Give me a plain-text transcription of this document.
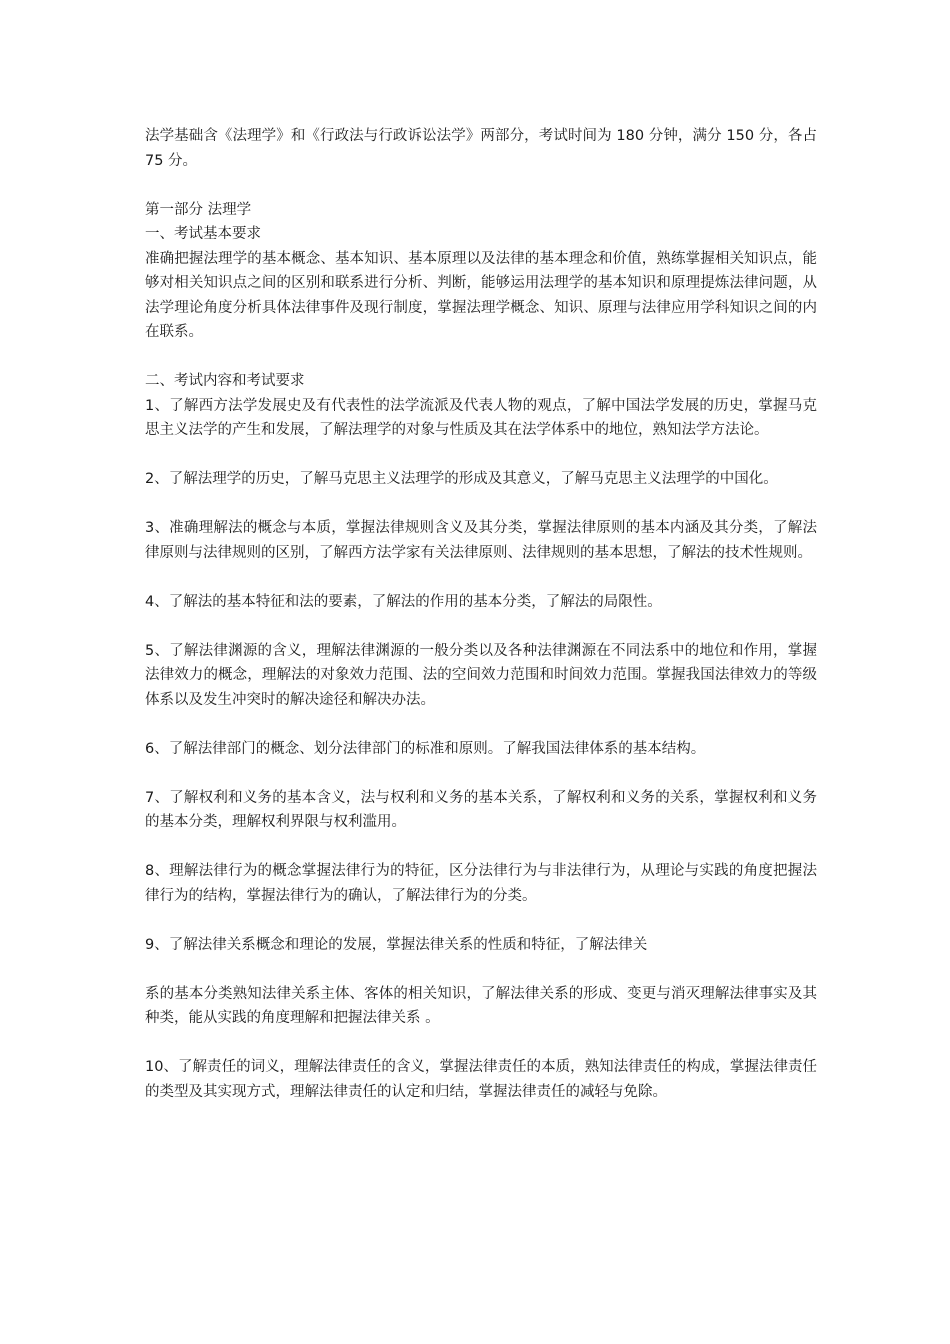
法学基础含《法理学》和《行政法与行政诉讼法学》两部分，考试时间为 180 分钟，满分 150 分，各占 75 分。

第一部分 法理学

一、考试基本要求

准确把握法理学的基本概念、基本知识、基本原理以及法律的基本理念和价值，熟练掌握相关知识点，能够对相关知识点之间的区别和联系进行分析、判断，能够运用法理学的基本知识和原理提炼法律问题，从法学理论角度分析具体法律事件及现行制度，掌握法理学概念、知识、原理与法律应用学科知识之间的内在联系。

二、考试内容和考试要求

1、了解西方法学发展史及有代表性的法学流派及代表人物的观点，了解中国法学发展的历史，掌握马克思主义法学的产生和发展，了解法理学的对象与性质及其在法学体系中的地位，熟知法学方法论。

2、了解法理学的历史，了解马克思主义法理学的形成及其意义，了解马克思主义法理学的中国化。

3、准确理解法的概念与本质，掌握法律规则含义及其分类，掌握法律原则的基本内涵及其分类，了解法律原则与法律规则的区别，了解西方法学家有关法律原则、法律规则的基本思想，了解法的技术性规则。

4、了解法的基本特征和法的要素，了解法的作用的基本分类，了解法的局限性。

5、了解法律渊源的含义，理解法律渊源的一般分类以及各种法律渊源在不同法系中的地位和作用，掌握法律效力的概念，理解法的对象效力范围、法的空间效力范围和时间效力范围。掌握我国法律效力的等级体系以及发生冲突时的解决途径和解决办法。

6、了解法律部门的概念、划分法律部门的标准和原则。了解我国法律体系的基本结构。

7、了解权利和义务的基本含义，法与权利和义务的基本关系，了解权利和义务的关系，掌握权利和义务的基本分类，理解权利界限与权利滥用。

8、理解法律行为的概念掌握法律行为的特征，区分法律行为与非法律行为，从理论与实践的角度把握法律行为的结构，掌握法律行为的确认，了解法律行为的分类。

9、了解法律关系概念和理论的发展，掌握法律关系的性质和特征，了解法律关

系的基本分类熟知法律关系主体、客体的相关知识，了解法律关系的形成、变更与消灭理解法律事实及其种类，能从实践的角度理解和把握法律关系 。

10、了解责任的词义，理解法律责任的含义，掌握法律责任的本质，熟知法律责任的构成，掌握法律责任的类型及其实现方式，理解法律责任的认定和归结，掌握法律责任的减轻与免除。
